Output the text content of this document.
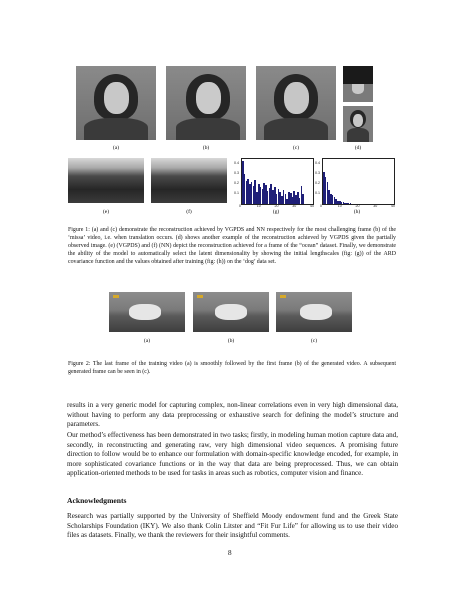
(a)	(b)	(c)	(d)
0	10	20	30	40
0.4
0.3
0.2
0.1
0	10	20	30	40
0.4
0.3
0.2
0.1
(e)	(f)	(g)	(h)
Figure 1: (a) and (c) demonstrate the reconstruction achieved by VGPDS and NN respectively for the most challenging frame (b) of the ‘missa’ video, i.e. when translation occurs. (d) shows another example of the reconstruction achieved by VGPDS given the partially observed image. (e) (VGPDS) and (f) (NN) depict the reconstruction achieved for a frame of the “ocean” dataset. Finally, we demonstrate the ability of the model to automatically select the latent dimensionality by showing the initial lengthscales (fig: (g)) of the ARD covariance function and the values obtained after training (fig: (h)) on the ‘dog’ data set.
(a)	(b)	(c)
Figure 2: The last frame of the training video (a) is smoothly followed by the first frame (b) of the generated video. A subsequent generated frame can be seen in (c).
results in a very generic model for capturing complex, non-linear correlations even in very high dimensional data, without having to perform any data preprocessing or exhaustive search for defining the model’s structure and parameters.
Our method’s effectiveness has been demonstrated in two tasks; firstly, in modeling human motion capture data and, secondly, in reconstructing and generating raw, very high dimensional video sequences. A promising future direction to follow would be to enhance our formulation with domain-specific knowledge encoded, for example, in more sophisticated covariance functions or in the way that data are being preprocessed. Thus, we can obtain application-oriented methods to be used for tasks in areas such as robotics, computer vision and finance.
Acknowledgments
Research was partially supported by the University of Sheffield Moody endowment fund and the Greek State Scholarships Foundation (IKY). We also thank Colin Litster and “Fit Fur Life” for allowing us to use their video files as datasets. Finally, we thank the reviewers for their insightful comments.
8
